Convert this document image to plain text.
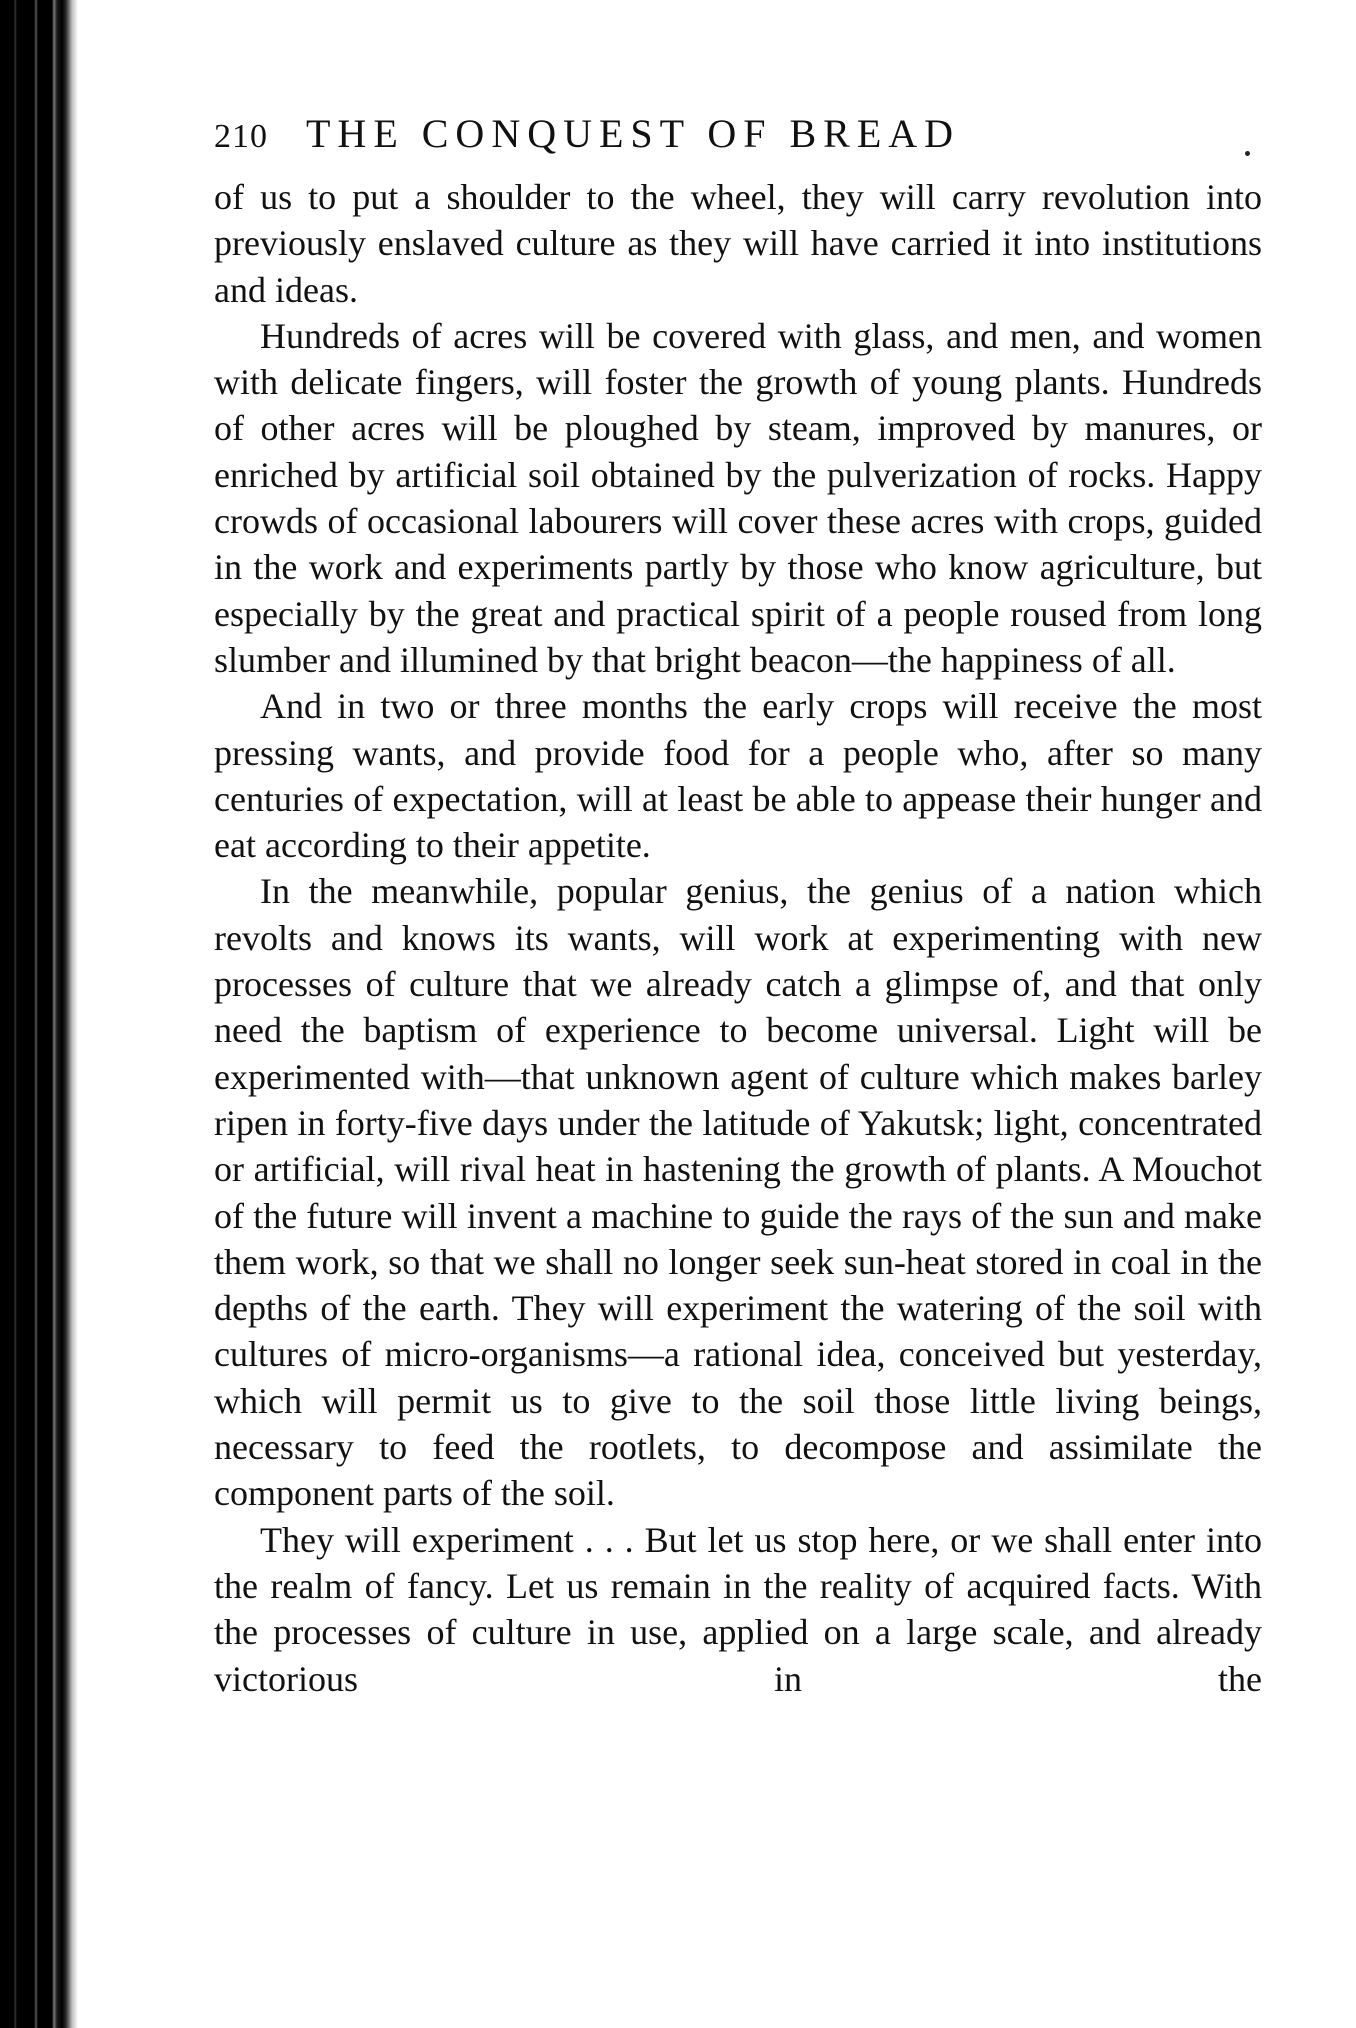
210 THE CONQUEST OF BREAD

of us to put a shoulder to the wheel, they will carry revolution into previously enslaved culture as they will have carried it into institutions and ideas.

Hundreds of acres will be covered with glass, and men, and women with delicate fingers, will foster the growth of young plants. Hundreds of other acres will be ploughed by steam, improved by manures, or enriched by artificial soil obtained by the pulverization of rocks. Happy crowds of occasional labourers will cover these acres with crops, guided in the work and experiments partly by those who know agriculture, but especially by the great and practical spirit of a people roused from long slumber and illumined by that bright beacon—the happiness of all.

And in two or three months the early crops will receive the most pressing wants, and provide food for a people who, after so many centuries of expectation, will at least be able to appease their hunger and eat according to their appetite.

In the meanwhile, popular genius, the genius of a nation which revolts and knows its wants, will work at experimenting with new processes of culture that we already catch a glimpse of, and that only need the baptism of experience to become universal. Light will be experimented with—that unknown agent of culture which makes barley ripen in forty-five days under the latitude of Yakutsk; light, concentrated or artificial, will rival heat in hastening the growth of plants. A Mouchot of the future will invent a machine to guide the rays of the sun and make them work, so that we shall no longer seek sun-heat stored in coal in the depths of the earth. They will experiment the watering of the soil with cultures of micro-organisms—a rational idea, conceived but yesterday, which will permit us to give to the soil those little living beings, necessary to feed the rootlets, to decompose and assimilate the component parts of the soil.

They will experiment . . . But let us stop here, or we shall enter into the realm of fancy. Let us remain in the reality of acquired facts. With the processes of culture in use, applied on a large scale, and already victorious in the
